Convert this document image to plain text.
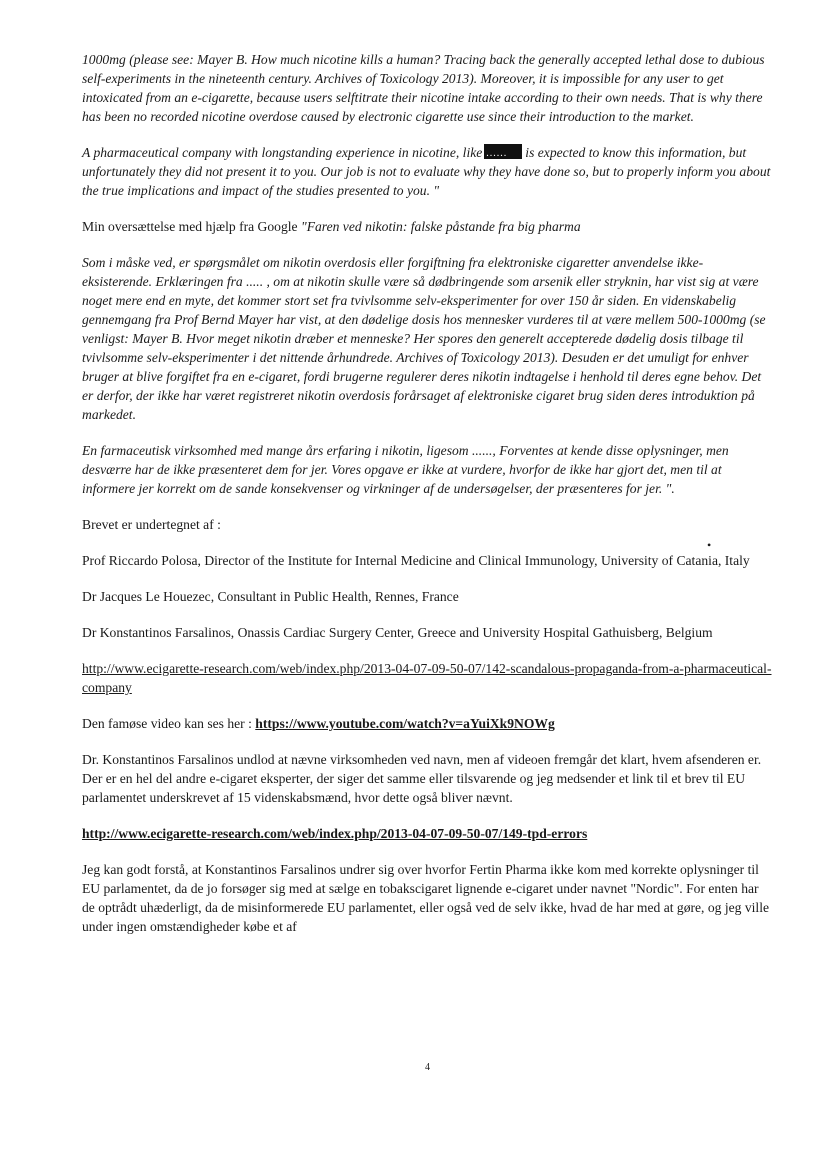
1000mg (please see: Mayer B. How much nicotine kills a human? Tracing back the generally accepted lethal dose to dubious self-experiments in the nineteenth century. Archives of Toxicology 2013). Moreover, it is impossible for any user to get intoxicated from an e-cigarette, because users selftitrate their nicotine intake according to their own needs. That is why there has been no recorded nicotine overdose caused by electronic cigarette use since their introduction to the market.

A pharmaceutical company with longstanding experience in nicotine, like ...... is expected to know this information, but unfortunately they did not present it to you. Our job is not to evaluate why they have done so, but to properly inform you about the true implications and impact of the studies presented to you. "

Min oversættelse med hjælp fra Google "Faren ved nikotin: falske påstande fra big pharma

Som i måske ved, er spørgsmålet om nikotin overdosis eller forgiftning fra elektroniske cigaretter anvendelse ikke-eksisterende. Erklæringen fra ..... , om at nikotin skulle være så dødbringende som arsenik eller stryknin, har vist sig at være noget mere end en myte, det kommer stort set fra tvivlsomme selv-eksperimenter for over 150 år siden. En videnskabelig gennemgang fra Prof Bernd Mayer har vist, at den dødelige dosis hos mennesker vurderes til at være mellem 500-1000mg (se venligst: Mayer B. Hvor meget nikotin dræber et menneske? Her spores den generelt accepterede dødelig dosis tilbage til tvivlsomme selv-eksperimenter i det nittende århundrede. Archives of Toxicology 2013). Desuden er det umuligt for enhver bruger at blive forgiftet fra en e-cigaret, fordi brugerne regulerer deres nikotin indtagelse i henhold til deres egne behov. Det er derfor, der ikke har været registreret nikotin overdosis forårsaget af elektroniske cigaret brug siden deres introduktion på markedet.

En farmaceutisk virksomhed med mange års erfaring i nikotin, ligesom ......, Forventes at kende disse oplysninger, men desværre har de ikke præsenteret dem for jer. Vores opgave er ikke at vurdere, hvorfor de ikke har gjort det, men til at informere jer korrekt om de sande konsekvenser og virkninger af de undersøgelser, der præsenteres for jer. ".

Brevet er undertegnet af :

Prof Riccardo Polosa, Director of the Institute for Internal Medicine and Clinical Immunology, University of Catania, Italy

Dr Jacques Le Houezec, Consultant in Public Health, Rennes, France

Dr Konstantinos Farsalinos, Onassis Cardiac Surgery Center, Greece and University Hospital Gathuisberg, Belgium

http://www.ecigarette-research.com/web/index.php/2013-04-07-09-50-07/142-scandalous-propaganda-from-a-pharmaceutical-company

Den famøse video kan ses her : https://www.youtube.com/watch?v=aYuiXk9NOWg

Dr. Konstantinos Farsalinos undlod at nævne virksomheden ved navn, men af videoen fremgår det klart, hvem afsenderen er. Der er en hel del andre e-cigaret eksperter, der siger det samme eller tilsvarende og jeg medsender et link til et brev til EU parlamentet underskrevet af 15 videnskabsmænd, hvor dette også bliver nævnt.

http://www.ecigarette-research.com/web/index.php/2013-04-07-09-50-07/149-tpd-errors

Jeg kan godt forstå, at Konstantinos Farsalinos undrer sig over hvorfor Fertin Pharma ikke kom med korrekte oplysninger til EU parlamentet, da de jo forsøger sig med at sælge en tobakscigaret lignende e-cigaret under navnet "Nordic". For enten har de optrådt uhæderligt, da de misinformerede EU parlamentet, eller også ved de selv ikke, hvad de har med at gøre, og jeg ville under ingen omstændigheder købe et af

•
4
